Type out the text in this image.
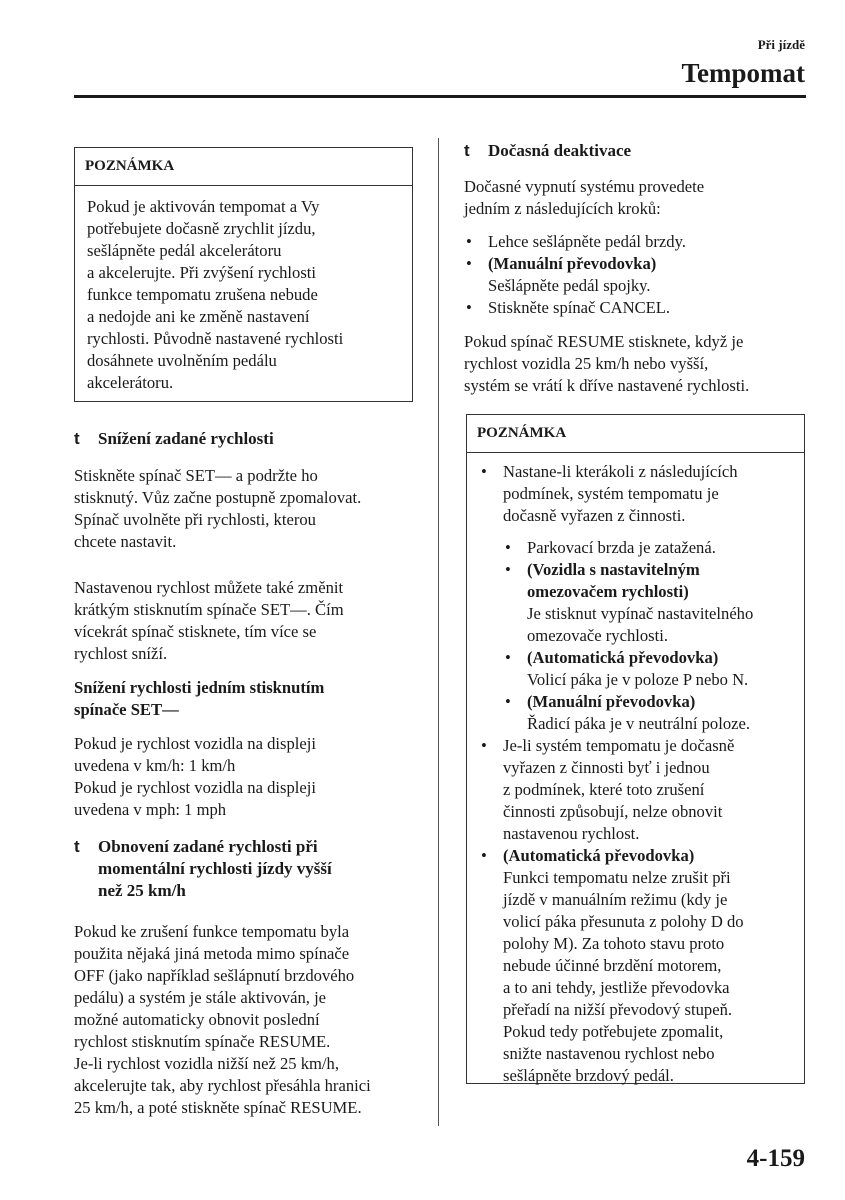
Při jízdě
Tempomat
POZNÁMKA

Pokud je aktivován tempomat a Vy

potřebujete dočasně zrychlit jízdu,

sešlápněte pedál akcelerátoru

a akcelerujte. Při zvýšení rychlosti

funkce tempomatu zrušena nebude

a nedojde ani ke změně nastavení

rychlosti. Původně nastavené rychlosti

dosáhnete uvolněním pedálu

akcelerátoru.

t	Snížení zadané rychlosti

Stiskněte spínač SET— a podržte ho

stisknutý. Vůz začne postupně zpomalovat.

Spínač uvolněte při rychlosti, kterou

chcete nastavit.

Nastavenou rychlost můžete také změnit

krátkým stisknutím spínače SET—. Čím

vícekrát spínač stisknete, tím více se

rychlost sníží.

Snížení rychlosti jedním stisknutím

spínače SET—

Pokud je rychlost vozidla na displeji

uvedena v km/h: 1 km/h

Pokud je rychlost vozidla na displeji

uvedena v mph: 1 mph

t	Obnovení zadané rychlosti při

momentální rychlosti jízdy vyšší

než 25 km/h

Pokud ke zrušení funkce tempomatu byla

použita nějaká jiná metoda mimo spínače

OFF (jako například sešlápnutí brzdového

pedálu) a systém je stále aktivován, je

možné automaticky obnovit poslední

rychlost stisknutím spínače RESUME.

Je-li rychlost vozidla nižší než 25 km/h,

akcelerujte tak, aby rychlost přesáhla hranici

25 km/h, a poté stiskněte spínač RESUME.

t	Dočasná deaktivace

Dočasné vypnutí systému provedete

jedním z následujících kroků:

• Lehce sešlápněte pedál brzdy.

• (Manuální převodovka)

Sešlápněte pedál spojky.

• Stiskněte spínač CANCEL.

Pokud spínač RESUME stisknete, když je

rychlost vozidla 25 km/h nebo vyšší,

systém se vrátí k dříve nastavené rychlosti.

POZNÁMKA

• Nastane-li kterákoli z následujících

podmínek, systém tempomatu je

dočasně vyřazen z činnosti.

• Parkovací brzda je zatažená.

• (Vozidla s nastavitelným

omezovačem rychlosti)

Je stisknut vypínač nastavitelného

omezovače rychlosti.

• (Automatická převodovka)

Volicí páka je v poloze P nebo N.

• (Manuální převodovka)

Řadicí páka je v neutrální poloze.

• Je-li systém tempomatu je dočasně

vyřazen z činnosti byť i jednou

z podmínek, které toto zrušení

činnosti způsobují, nelze obnovit

nastavenou rychlost.

• (Automatická převodovka)

Funkci tempomatu nelze zrušit při

jízdě v manuálním režimu (kdy je

volicí páka přesunuta z polohy D do

polohy M). Za tohoto stavu proto

nebude účinné brzdění motorem,

a to ani tehdy, jestliže převodovka

přeřadí na nižší převodový stupeň.

Pokud tedy potřebujete zpomalit,

snižte nastavenou rychlost nebo

sešlápněte brzdový pedál.

4-159
